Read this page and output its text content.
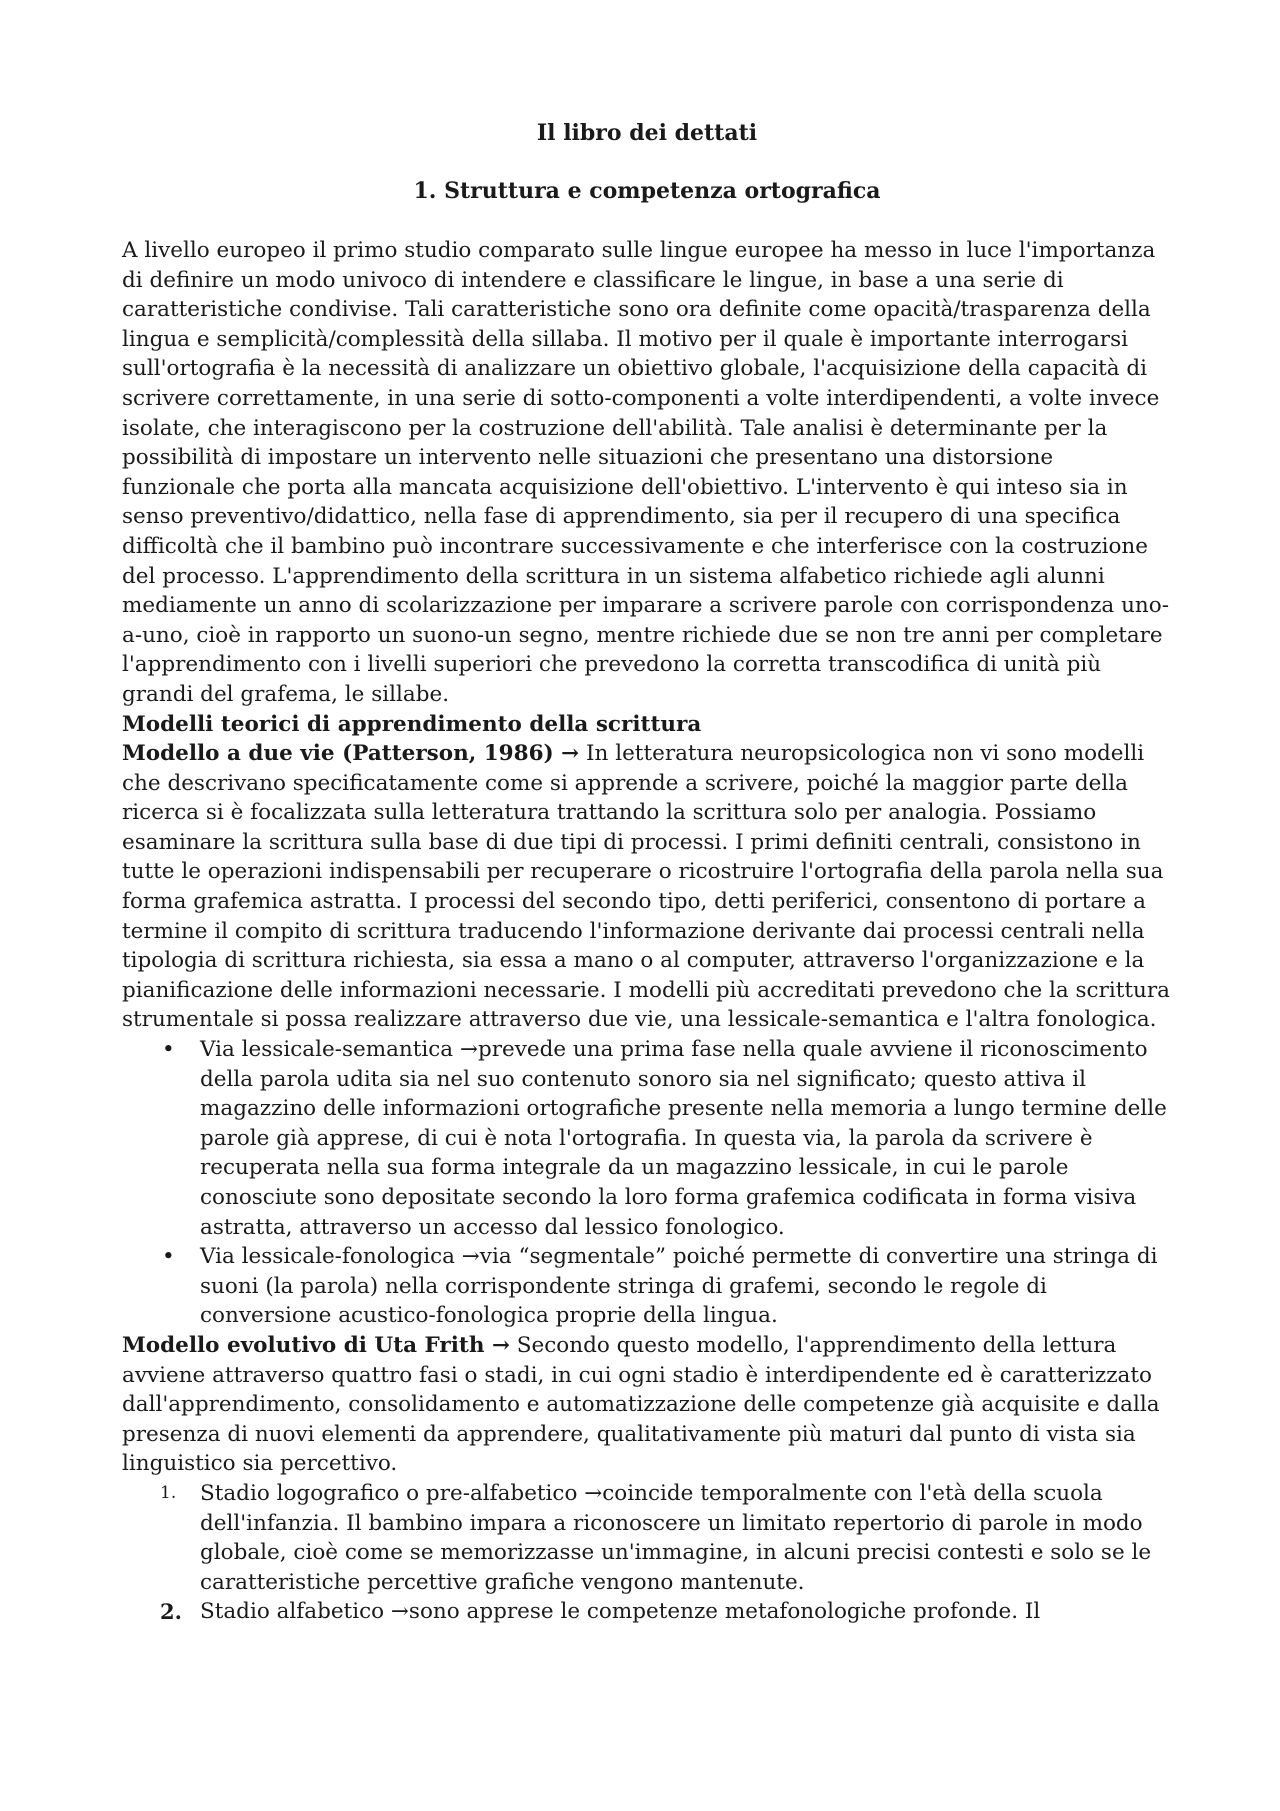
Il libro dei dettati
1. Struttura e competenza ortografica

A livello europeo il primo studio comparato sulle lingue europee ha messo in luce l'importanza di definire un modo univoco di intendere e classificare le lingue, in base a una serie di caratteristiche condivise. Tali caratteristiche sono ora definite come opacità/trasparenza della lingua e semplicità/complessità della sillaba. Il motivo per il quale è importante interrogarsi sull'ortografia è la necessità di analizzare un obiettivo globale, l'acquisizione della capacità di scrivere correttamente, in una serie di sotto-componenti a volte interdipendenti, a volte invece isolate, che interagiscono per la costruzione dell'abilità. Tale analisi è determinante per la possibilità di impostare un intervento nelle situazioni che presentano una distorsione funzionale che porta alla mancata acquisizione dell'obiettivo. L'intervento è qui inteso sia in senso preventivo/didattico, nella fase di apprendimento, sia per il recupero di una specifica difficoltà che il bambino può incontrare successivamente e che interferisce con la costruzione del processo. L'apprendimento della scrittura in un sistema alfabetico richiede agli alunni mediamente un anno di scolarizzazione per imparare a scrivere parole con corrispondenza uno-a-uno, cioè in rapporto un suono-un segno, mentre richiede due se non tre anni per completare l'apprendimento con i livelli superiori che prevedono la corretta transcodifica di unità più grandi del grafema, le sillabe.

Modelli teorici di apprendimento della scrittura

Modello a due vie (Patterson, 1986) → In letteratura neuropsicologica non vi sono modelli che descrivano specificatamente come si apprende a scrivere, poiché la maggior parte della ricerca si è focalizzata sulla letteratura trattando la scrittura solo per analogia. Possiamo esaminare la scrittura sulla base di due tipi di processi. I primi definiti centrali, consistono in tutte le operazioni indispensabili per recuperare o ricostruire l'ortografia della parola nella sua forma grafemica astratta. I processi del secondo tipo, detti periferici, consentono di portare a termine il compito di scrittura traducendo l'informazione derivante dai processi centrali nella tipologia di scrittura richiesta, sia essa a mano o al computer, attraverso l'organizzazione e la pianificazione delle informazioni necessarie. I modelli più accreditati prevedono che la scrittura strumentale si possa realizzare attraverso due vie, una lessicale-semantica e l'altra fonologica.

• Via lessicale-semantica →prevede una prima fase nella quale avviene il riconoscimento della parola udita sia nel suo contenuto sonoro sia nel significato; questo attiva il magazzino delle informazioni ortografiche presente nella memoria a lungo termine delle parole già apprese, di cui è nota l'ortografia. In questa via, la parola da scrivere è recuperata nella sua forma integrale da un magazzino lessicale, in cui le parole conosciute sono depositate secondo la loro forma grafemica codificata in forma visiva astratta, attraverso un accesso dal lessico fonologico.
• Via lessicale-fonologica →via “segmentale” poiché permette di convertire una stringa di suoni (la parola) nella corrispondente stringa di grafemi, secondo le regole di conversione acustico-fonologica proprie della lingua.

Modello evolutivo di Uta Frith → Secondo questo modello, l'apprendimento della lettura avviene attraverso quattro fasi o stadi, in cui ogni stadio è interdipendente ed è caratterizzato dall'apprendimento, consolidamento e automatizzazione delle competenze già acquisite e dalla presenza di nuovi elementi da apprendere, qualitativamente più maturi dal punto di vista sia linguistico sia percettivo.

1. Stadio logografico o pre-alfabetico →coincide temporalmente con l'età della scuola dell'infanzia. Il bambino impara a riconoscere un limitato repertorio di parole in modo globale, cioè come se memorizzasse un'immagine, in alcuni precisi contesti e solo se le caratteristiche percettive grafiche vengono mantenute.
2. Stadio alfabetico →sono apprese le competenze metafonologiche profonde. Il
